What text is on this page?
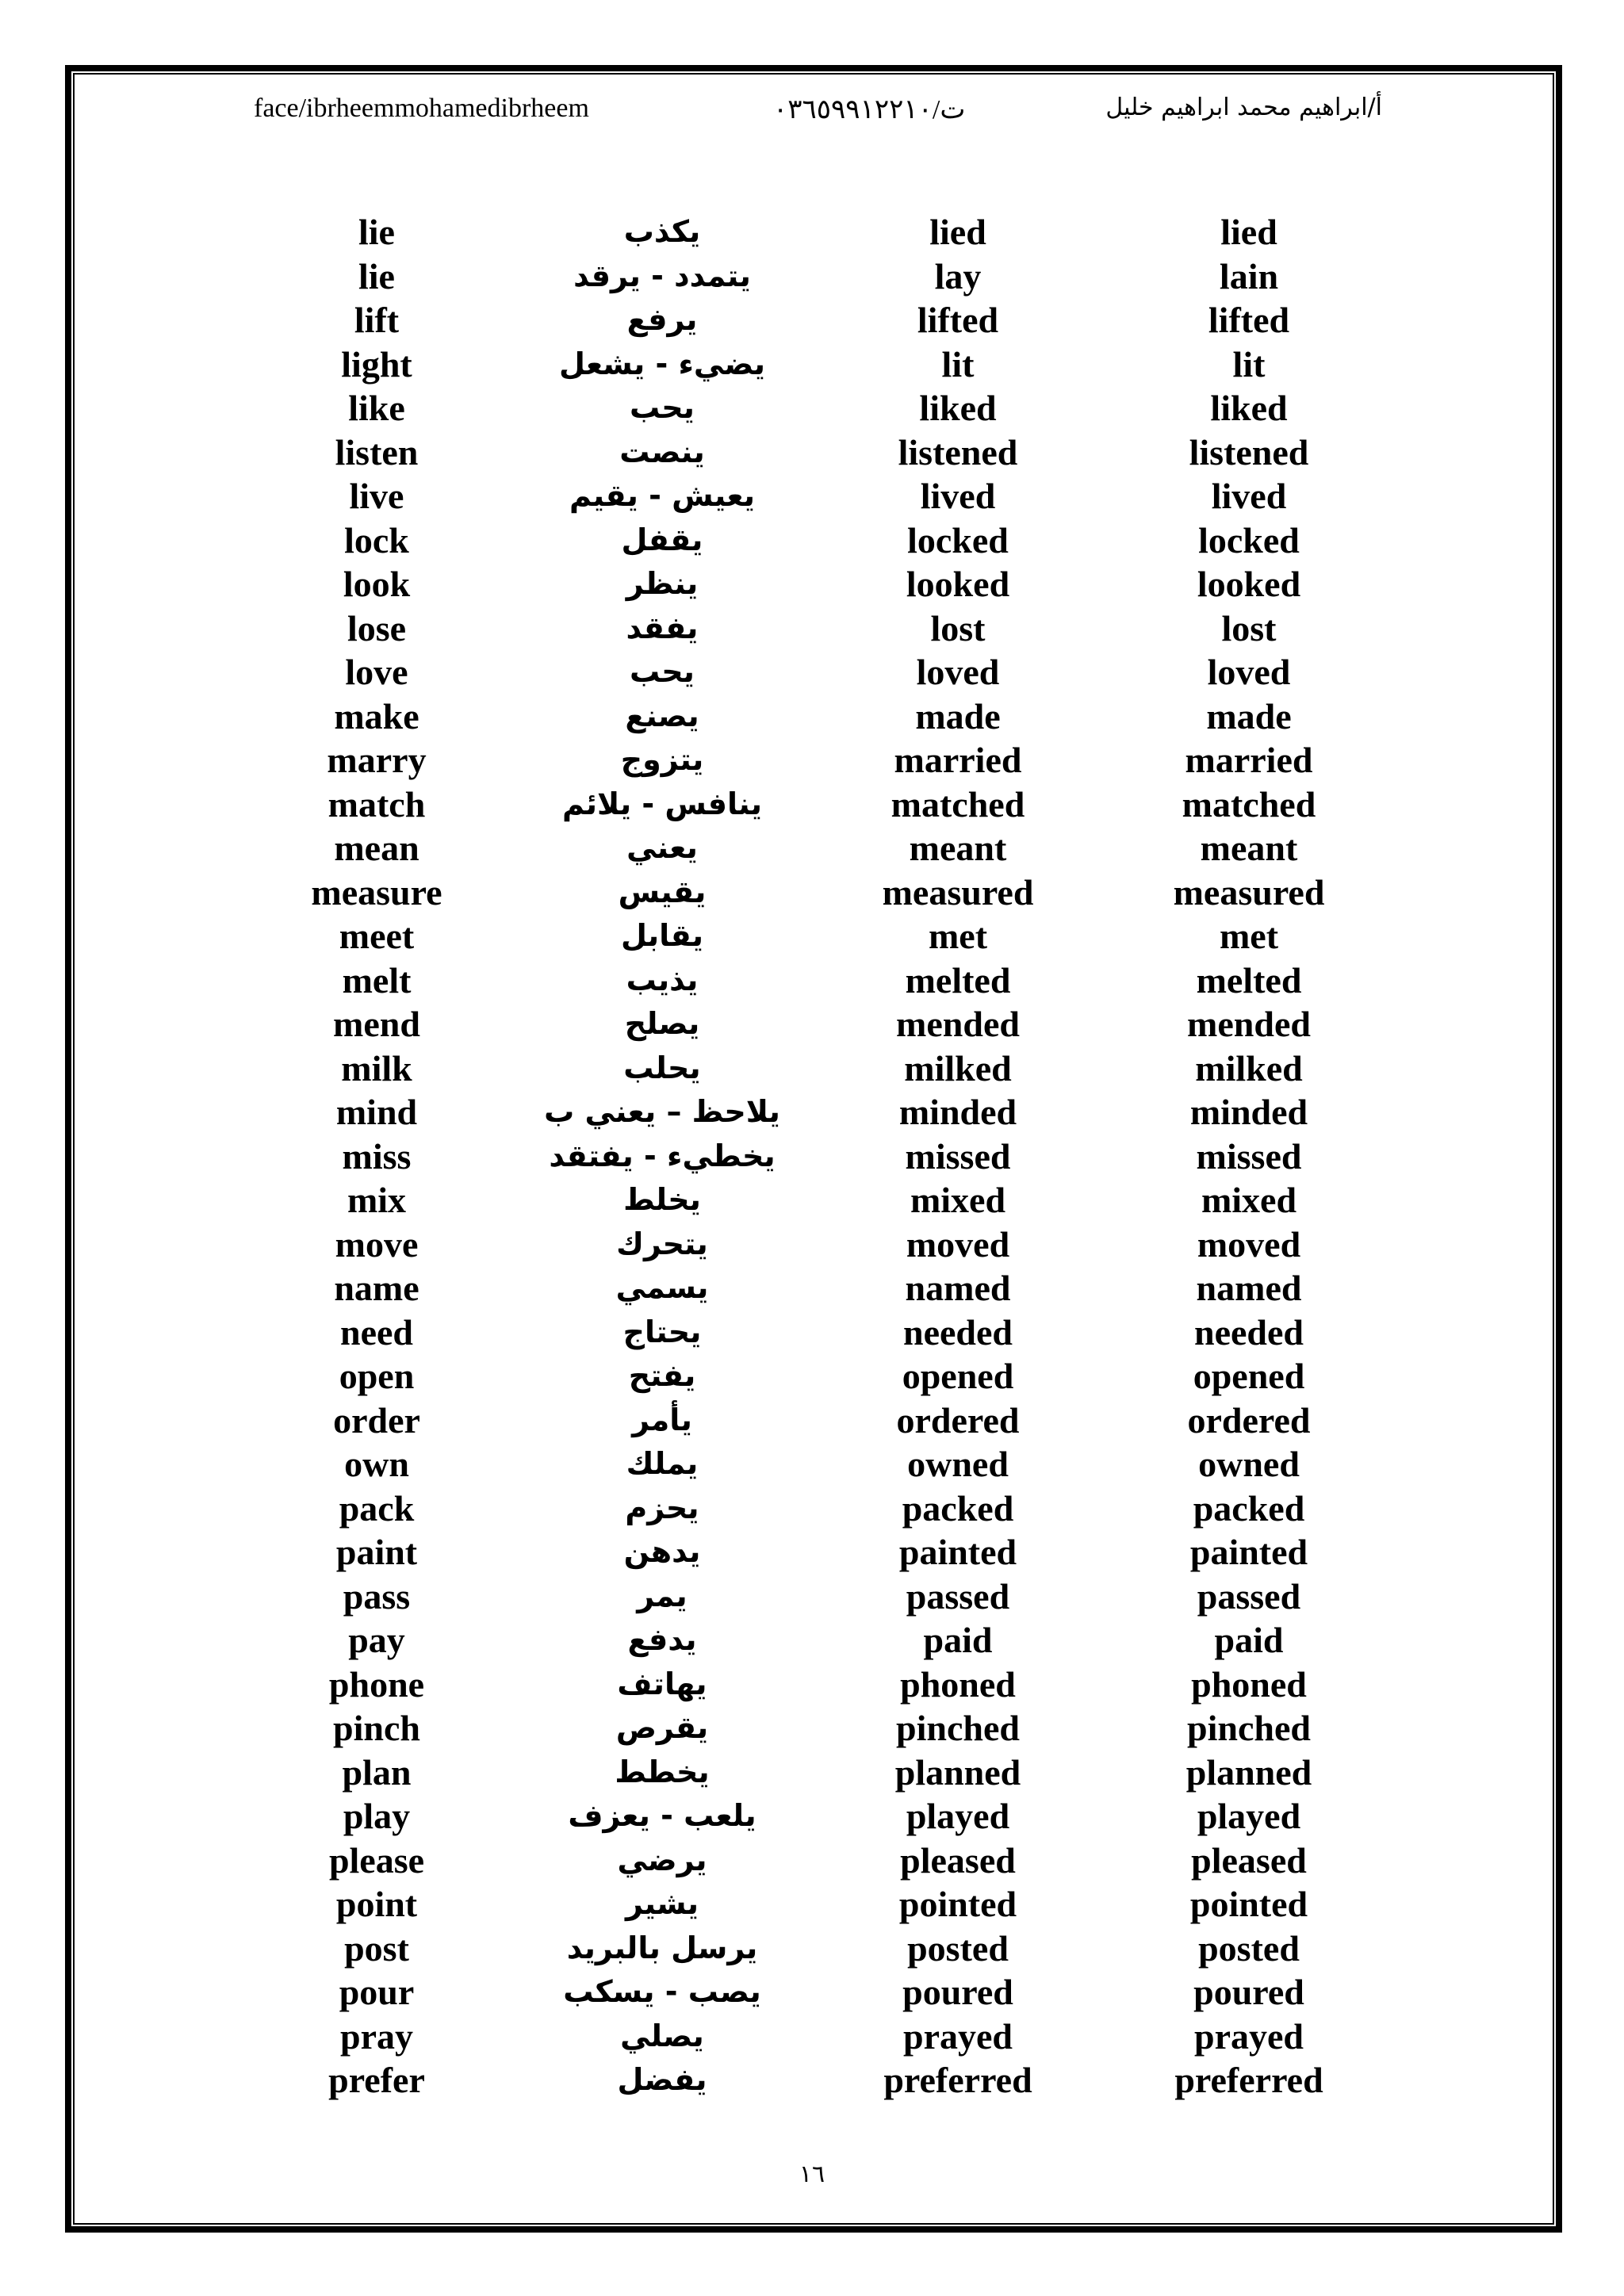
face/ibrheemmohamedibrheem	ت/٠١٢٢١٩٩٥٦٣٠	أ/ابراهيم محمد ابراهيم خليل
lie	يكذب	lied	lied
lie	يتمدد - يرقد	lay	lain
lift	يرفع	lifted	lifted
light	يضيء - يشعل	lit	lit
like	يحب	liked	liked
listen	ينصت	listened	listened
live	يعيش - يقيم	lived	lived
lock	يقفل	locked	locked
look	ينظر	looked	looked
lose	يفقد	lost	lost
love	يحب	loved	loved
make	يصنع	made	made
marry	يتزوج	married	married
match	ينافس - يلائم	matched	matched
mean	يعني	meant	meant
measure	يقيس	measured	measured
meet	يقابل	met	met
melt	يذيب	melted	melted
mend	يصلح	mended	mended
milk	يحلب	milked	milked
mind	يلاحظ – يعني ب	minded	minded
miss	يخطيء - يفتقد	missed	missed
mix	يخلط	mixed	mixed
move	يتحرك	moved	moved
name	يسمي	named	named
need	يحتاج	needed	needed
open	يفتح	opened	opened
order	يأمر	ordered	ordered
own	يملك	owned	owned
pack	يحزم	packed	packed
paint	يدهن	painted	painted
pass	يمر	passed	passed
pay	يدفع	paid	paid
phone	يهاتف	phoned	phoned
pinch	يقرص	pinched	pinched
plan	يخطط	planned	planned
play	يلعب - يعزف	played	played
please	يرضي	pleased	pleased
point	يشير	pointed	pointed
post	يرسل بالبريد	posted	posted
pour	يصب - يسكب	poured	poured
pray	يصلي	prayed	prayed
prefer	يفضل	preferred	preferred
١٦
